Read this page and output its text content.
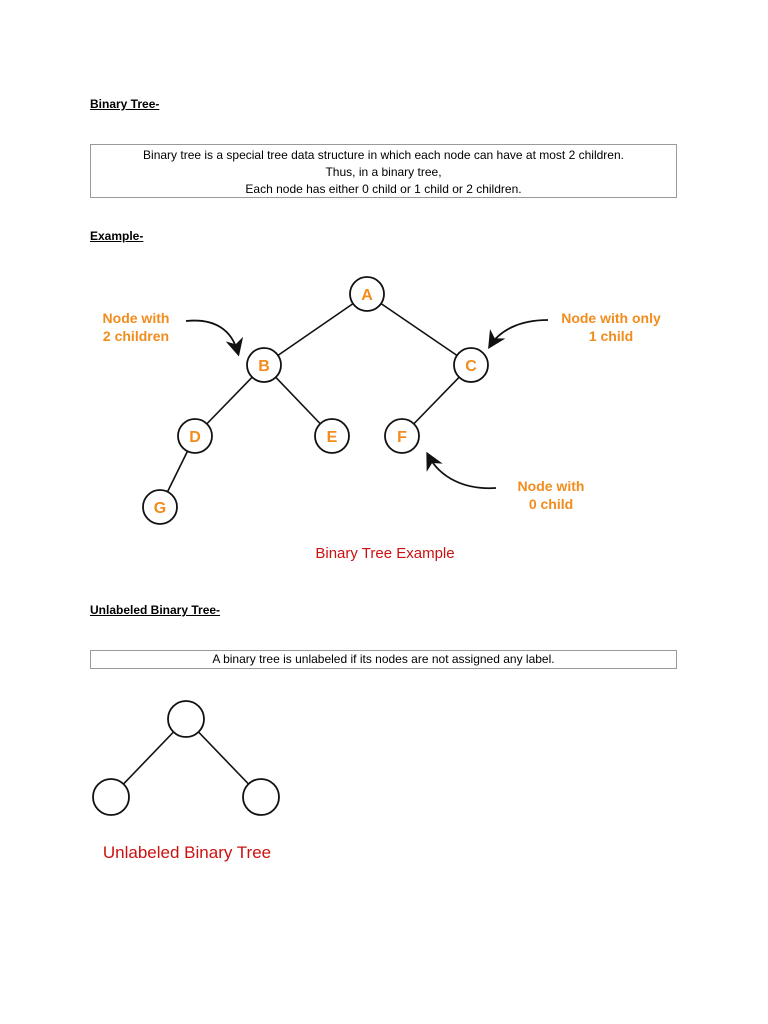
Binary Tree-
Binary tree is a special tree data structure in which each node can have at most 2 children.
Thus, in a binary tree,
Each node has either 0 child or 1 child or 2 children.
Example-
A
B	C
D	E	F
G
Node with
2 children
Node with only
1 child
Node with
0 child
Binary Tree Example
Unlabeled Binary Tree
Unlabeled Binary Tree-
A binary tree is unlabeled if its nodes are not assigned any label.
